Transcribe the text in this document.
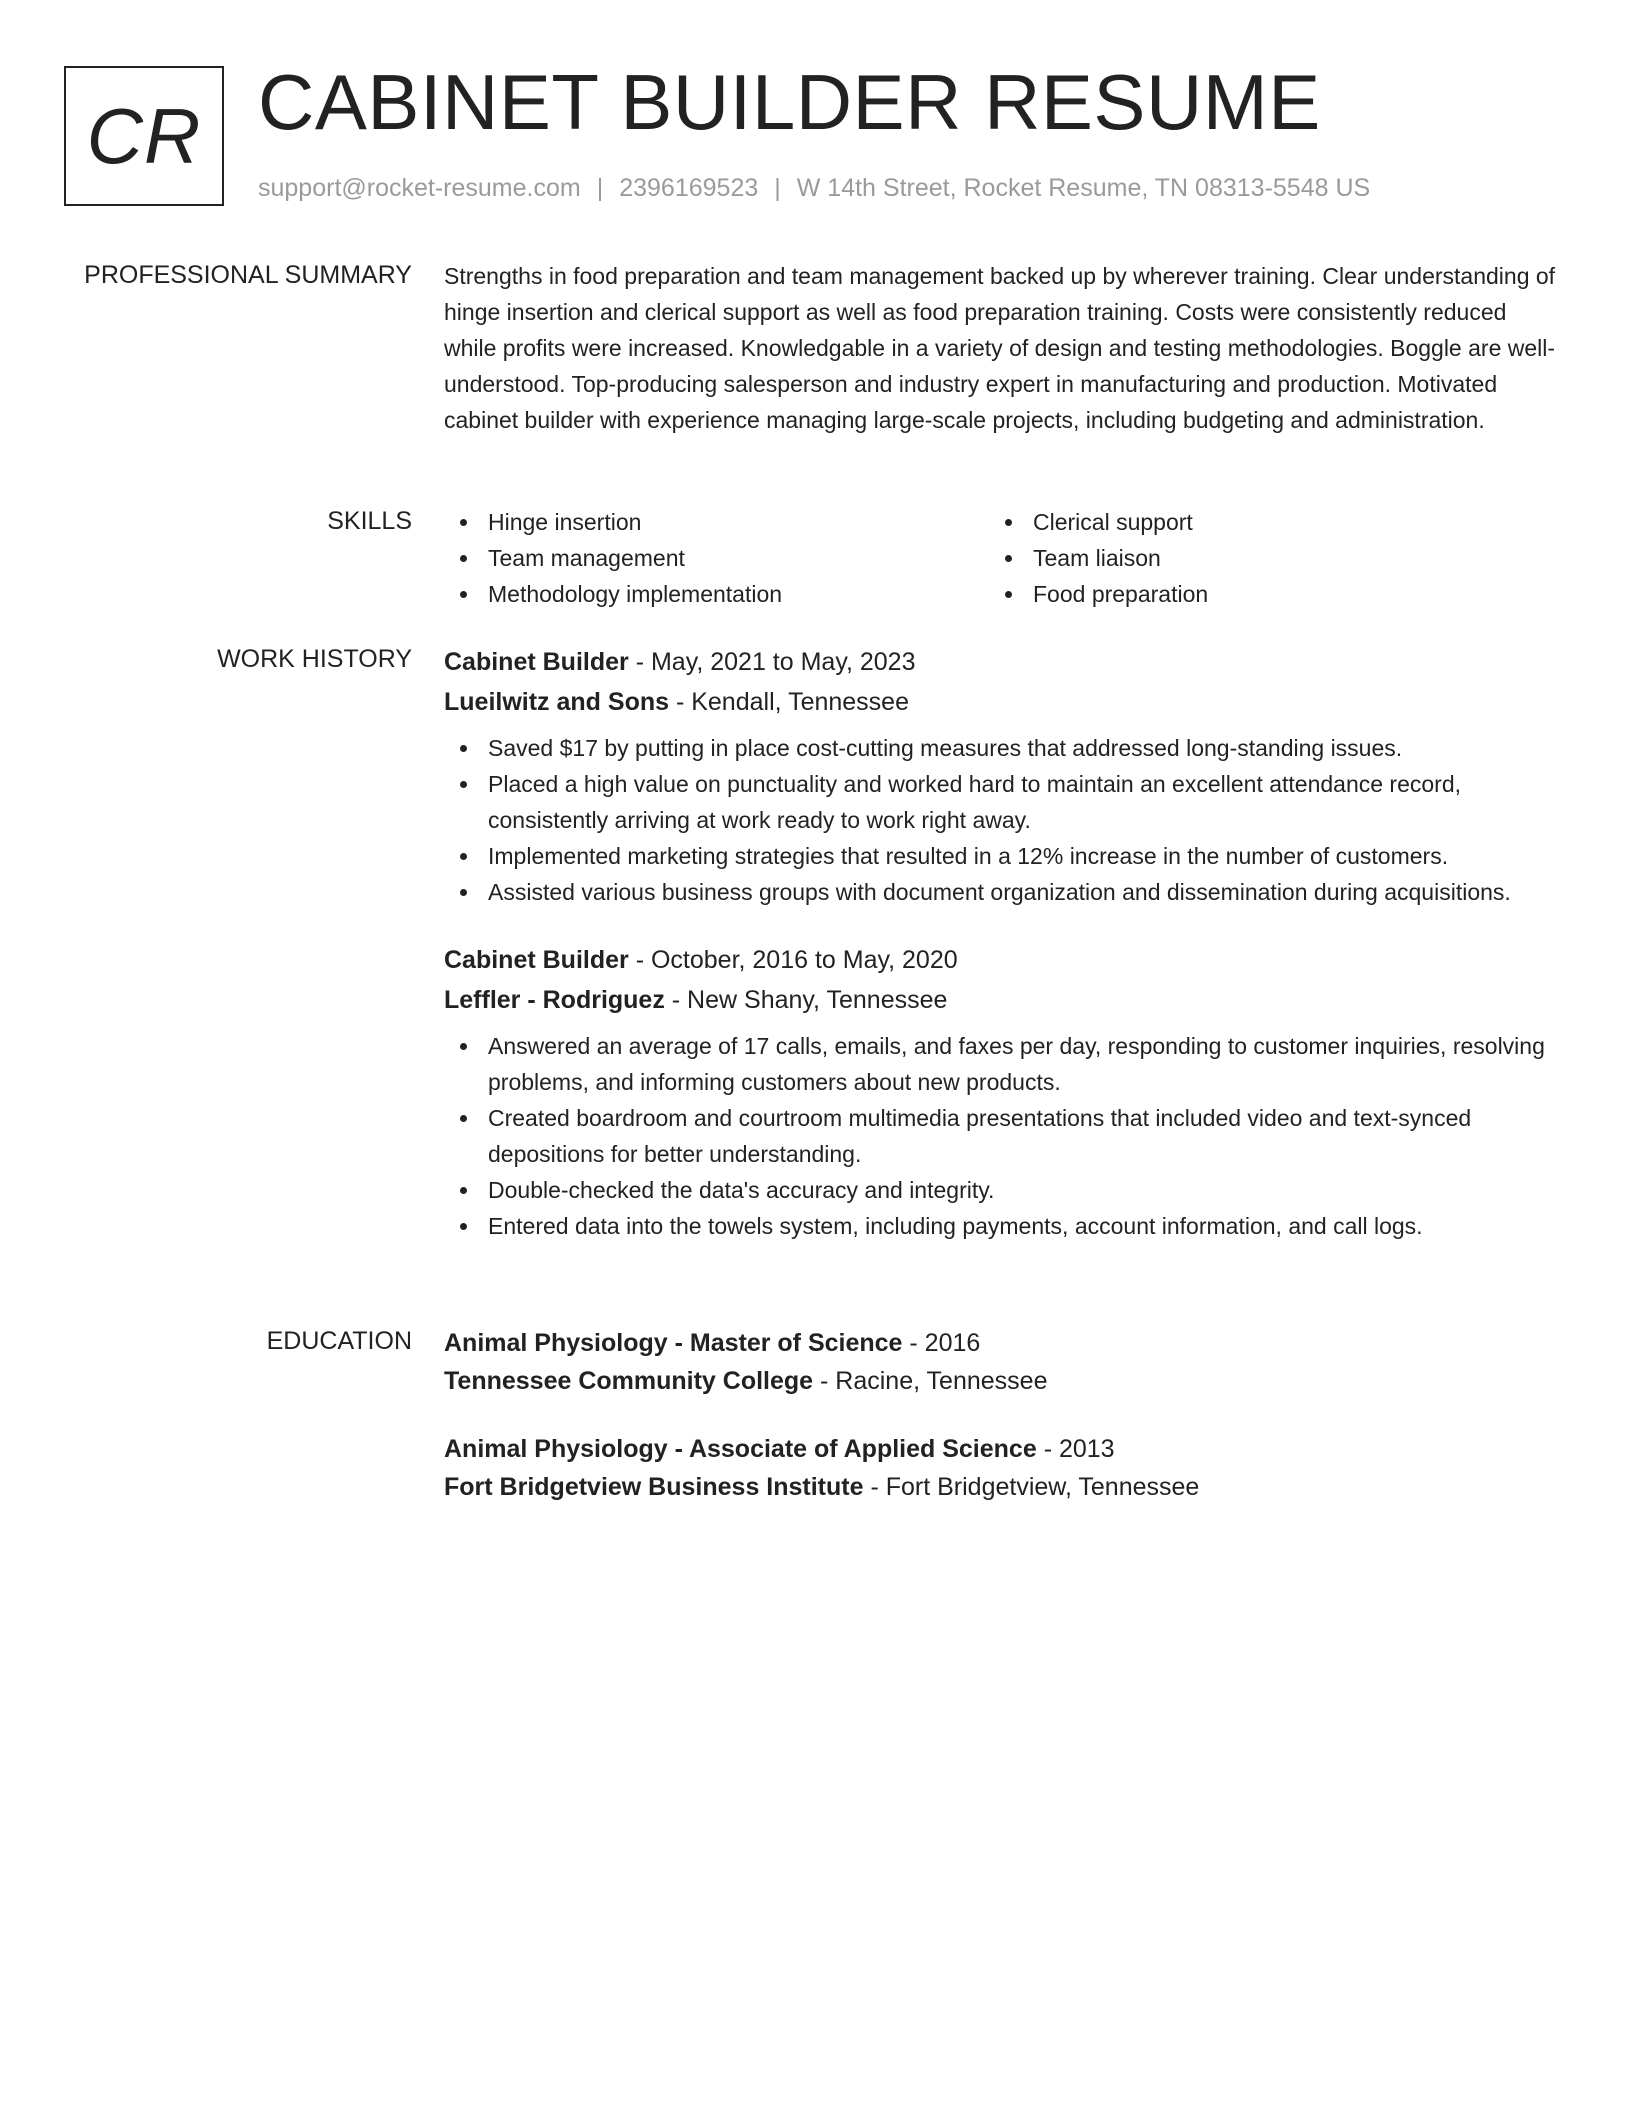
CR CABINET BUILDER RESUME
support@rocket-resume.com | 2396169523 | W 14th Street, Rocket Resume, TN 08313-5548 US
PROFESSIONAL SUMMARY Strengths in food preparation and team management backed up by wherever training. Clear understanding of hinge insertion and clerical support as well as food preparation training. Costs were consistently reduced while profits were increased. Knowledgable in a variety of design and testing methodologies. Boggle are well-understood. Top-producing salesperson and industry expert in manufacturing and production. Motivated cabinet builder with experience managing large-scale projects, including budgeting and administration.

SKILLS	Hinge insertion	Clerical support
Team management	Team liaison
Methodology implementation	Food preparation
WORK HISTORY Cabinet Builder - May, 2021 to May, 2023
Lueilwitz and Sons - Kendall, Tennessee
Saved $17 by putting in place cost-cutting measures that addressed long-standing issues.
Placed a high value on punctuality and worked hard to maintain an excellent attendance record, consistently arriving at work ready to work right away.
Implemented marketing strategies that resulted in a 12% increase in the number of customers.
Assisted various business groups with document organization and dissemination during acquisitions.
Cabinet Builder - October, 2016 to May, 2020
Leffler - Rodriguez - New Shany, Tennessee
Answered an average of 17 calls, emails, and faxes per day, responding to customer inquiries, resolving problems, and informing customers about new products.
Created boardroom and courtroom multimedia presentations that included video and text-synced depositions for better understanding.
Double-checked the data's accuracy and integrity.
Entered data into the towels system, including payments, account information, and call logs.
EDUCATION Animal Physiology - Master of Science - 2016
Tennessee Community College - Racine, Tennessee
Animal Physiology - Associate of Applied Science - 2013
Fort Bridgetview Business Institute - Fort Bridgetview, Tennessee
